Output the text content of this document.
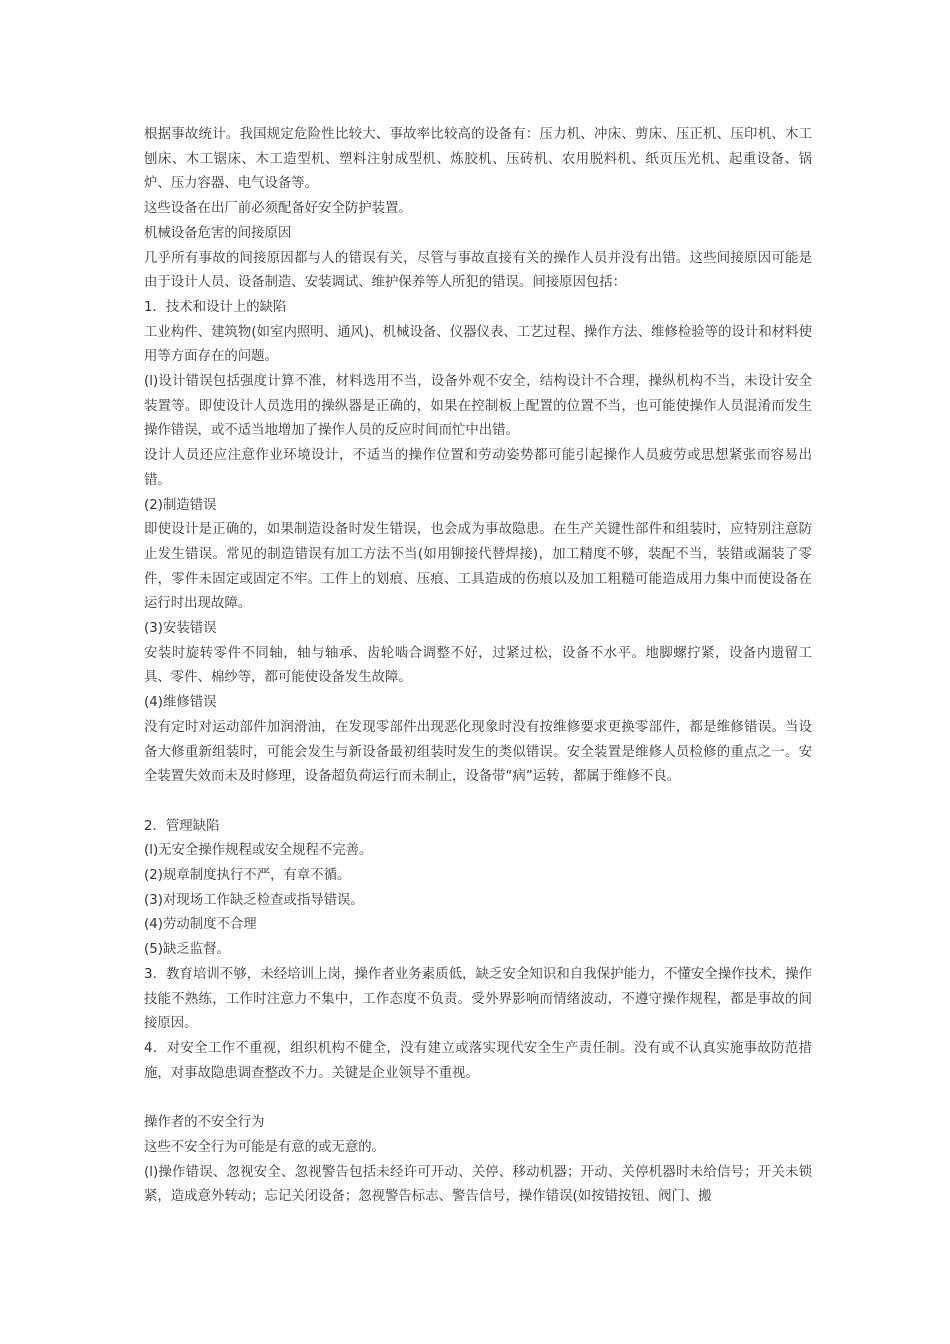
根据事故统计。我国规定危险性比较大、事故率比较高的设备有：压力机、冲床、剪床、压正机、压印机、木工刨床、木工锯床、木工造型机、塑料注射成型机、炼胶机、压砖机、农用脱料机、纸页压光机、起重设备、锅炉、压力容器、电气设备等。

这些设备在出厂前必须配备好安全防护装置。

机械设备危害的间接原因

几乎所有事故的间接原因都与人的错误有关，尽管与事故直接有关的操作人员并没有出错。这些间接原因可能是由于设计人员、设备制造、安装调试、维护保养等人所犯的错误。间接原因包括：

1．技术和设计上的缺陷

工业构件、建筑物(如室内照明、通风)、机械设备、仪器仪表、工艺过程、操作方法、维修检验等的设计和材料使用等方面存在的问题。

(l)设计错误包括强度计算不准，材料选用不当，设备外观不安全，结构设计不合理，操纵机构不当，未设计安全装置等。即使设计人员选用的操纵器是正确的，如果在控制板上配置的位置不当，也可能使操作人员混淆而发生操作错误，或不适当地增加了操作人员的反应时间而忙中出错。

设计人员还应注意作业环境设计，不适当的操作位置和劳动姿势都可能引起操作人员疲劳或思想紧张而容易出错。

(2)制造错误

即使设计是正确的，如果制造设备时发生错误，也会成为事故隐患。在生产关键性部件和组装时，应特别注意防止发生错误。常见的制造错误有加工方法不当(如用铆接代替焊接)，加工精度不够，装配不当，装错或漏装了零件，零件未固定或固定不牢。工件上的划痕、压痕、工具造成的伤痕以及加工粗糙可能造成用力集中而使设备在运行时出现故障。

(3)安装错误

安装时旋转零件不同轴，轴与轴承、齿轮啮合调整不好，过紧过松，设备不水平。地脚螺拧紧，设备内遗留工具、零件、棉纱等，都可能使设备发生故障。

(4)维修错误

没有定时对运动部件加润滑油，在发现零部件出现恶化现象时没有按维修要求更换零部件，都是维修错误。当设备大修重新组装时，可能会发生与新设备最初组装时发生的类似错误。安全装置是维修人员检修的重点之一。安全装置失效而未及时修理，设备超负荷运行而未制止，设备带“病”运转，都属于维修不良。

2．管理缺陷

(l)无安全操作规程或安全规程不完善。

(2)规章制度执行不严，有章不循。

(3)对现场工作缺乏检查或指导错误。

(4)劳动制度不合理

(5)缺乏监督。

3．教育培训不够，未经培训上岗，操作者业务素质低，缺乏安全知识和自我保护能力，不懂安全操作技术，操作技能不熟练，工作时注意力不集中，工作态度不负责。受外界影响而情绪波动，不遵守操作规程，都是事故的间接原因。

4．对安全工作不重视，组织机构不健全，没有建立或落实现代安全生产责任制。没有或不认真实施事故防范措施，对事故隐患调查整改不力。关键是企业领导不重视。

操作者的不安全行为

这些不安全行为可能是有意的或无意的。

(l)操作错误、忽视安全、忽视警告包括未经许可开动、关停、移动机器；开动、关停机器时未给信号；开关未锁紧，造成意外转动；忘记关闭设备；忽视警告标志、警告信号，操作错误(如按错按钮、阀门、搬
